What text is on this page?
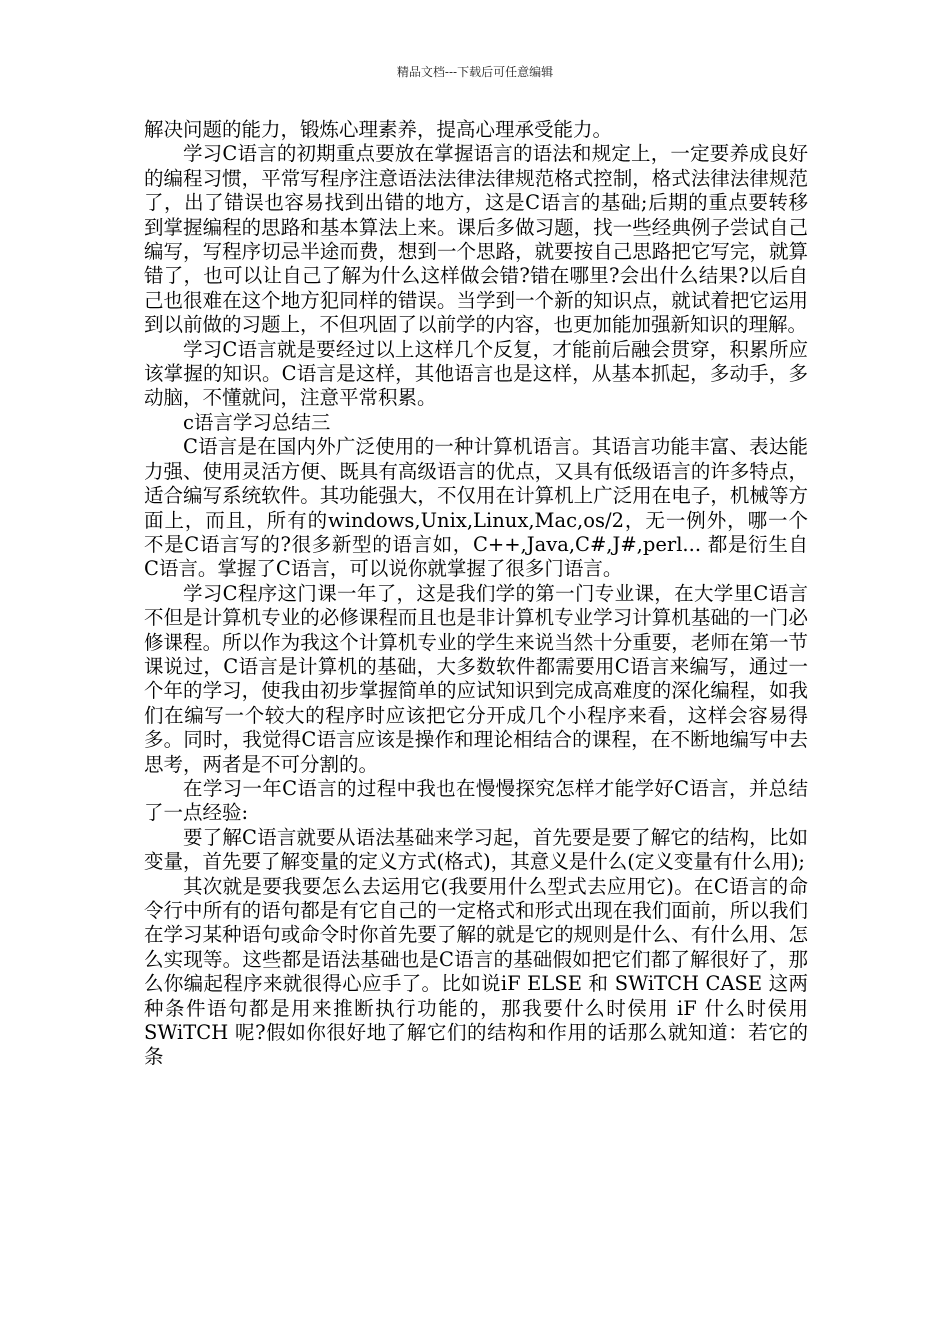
精品文档---下载后可任意编辑

解决问题的能力，锻炼心理素养，提高心理承受能力。

学习C语言的初期重点要放在掌握语言的语法和规定上，一定要养成良好的编程习惯，平常写程序注意语法法律法律规范格式控制，格式法律法律规范了，出了错误也容易找到出错的地方，这是C语言的基础;后期的重点要转移到掌握编程的思路和基本算法上来。课后多做习题，找一些经典例子尝试自己编写，写程序切忌半途而费，想到一个思路，就要按自己思路把它写完，就算错了，也可以让自己了解为什么这样做会错?错在哪里?会出什么结果?以后自己也很难在这个地方犯同样的错误。当学到一个新的知识点，就试着把它运用到以前做的习题上，不但巩固了以前学的内容，也更加能加强新知识的理解。

学习C语言就是要经过以上这样几个反复，才能前后融会贯穿，积累所应该掌握的知识。C语言是这样，其他语言也是这样，从基本抓起，多动手，多动脑，不懂就问，注意平常积累。

c语言学习总结三

C语言是在国内外广泛使用的一种计算机语言。其语言功能丰富、表达能力强、使用灵活方便、既具有高级语言的优点，又具有低级语言的许多特点，适合编写系统软件。其功能强大，不仅用在计算机上广泛用在电子，机械等方面上，而且，所有的windows,Unix,Linux,Mac,os/2，无一例外，哪一个不是C语言写的?很多新型的语言如，C++,Java,C#,J#,perl... 都是衍生自C语言。掌握了C语言，可以说你就掌握了很多门语言。

学习C程序这门课一年了，这是我们学的第一门专业课，在大学里C语言不但是计算机专业的必修课程而且也是非计算机专业学习计算机基础的一门必修课程。所以作为我这个计算机专业的学生来说当然十分重要，老师在第一节课说过，C语言是计算机的基础，大多数软件都需要用C语言来编写，通过一个年的学习，使我由初步掌握简单的应试知识到完成高难度的深化编程，如我们在编写一个较大的程序时应该把它分开成几个小程序来看，这样会容易得多。同时，我觉得C语言应该是操作和理论相结合的课程，在不断地编写中去思考，两者是不可分割的。

在学习一年C语言的过程中我也在慢慢探究怎样才能学好C语言，并总结了一点经验:

要了解C语言就要从语法基础来学习起，首先要是要了解它的结构，比如变量，首先要了解变量的定义方式(格式)，其意义是什么(定义变量有什么用);

其次就是要我要怎么去运用它(我要用什么型式去应用它)。在C语言的命令行中所有的语句都是有它自己的一定格式和形式出现在我们面前，所以我们在学习某种语句或命令时你首先要了解的就是它的规则是什么、有什么用、怎么实现等。这些都是语法基础也是C语言的基础假如把它们都了解很好了，那么你编起程序来就很得心应手了。比如说iF ELSE 和 SWiTCH CASE 这两种条件语句都是用来推断执行功能的，那我要什么时侯用 iF 什么时侯用 SWiTCH 呢?假如你很好地了解它们的结构和作用的话那么就知道：若它的条
